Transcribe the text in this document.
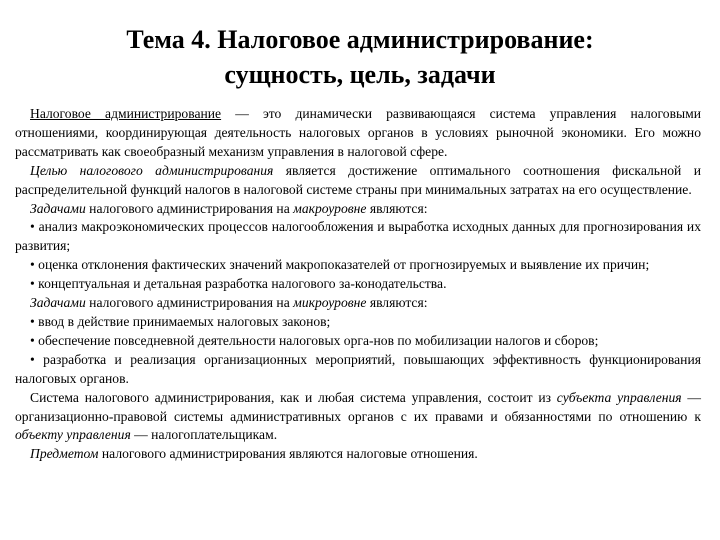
Тема 4. Налоговое администрирование:
сущность, цель, задачи
Налоговое администрирование — это динамически развивающаяся система управления налоговыми отношениями, координирующая деятельность налоговых органов в условиях рыночной экономики. Его можно рассматривать как своеобразный механизм управления в налоговой сфере.
Целью налогового администрирования является достижение оптимального соотношения фискальной и распределительной функций налогов в налоговой системе страны при минимальных затратах на его осуществление.
Задачами налогового администрирования на макроуровне являются:
• анализ макроэкономических процессов налогообложения и выработка исходных данных для прогнозирования их развития;
• оценка отклонения фактических значений макропоказателей от прогнозируемых и выявление их причин;
• концептуальная и детальная разработка налогового за-конодательства.
Задачами налогового администрирования на микроуровне являются:
• ввод в действие принимаемых налоговых законов;
• обеспечение повседневной деятельности налоговых орга-нов по мобилизации налогов и сборов;
• разработка и реализация организационных мероприятий, повышающих эффективность функционирования налоговых органов.
Система налогового администрирования, как и любая система управления, состоит из субъекта управления — организационно-правовой системы административных органов с их правами и обязанностями по отношению к объекту управления — налогоплательщикам.
Предметом налогового администрирования являются налоговые отношения.
